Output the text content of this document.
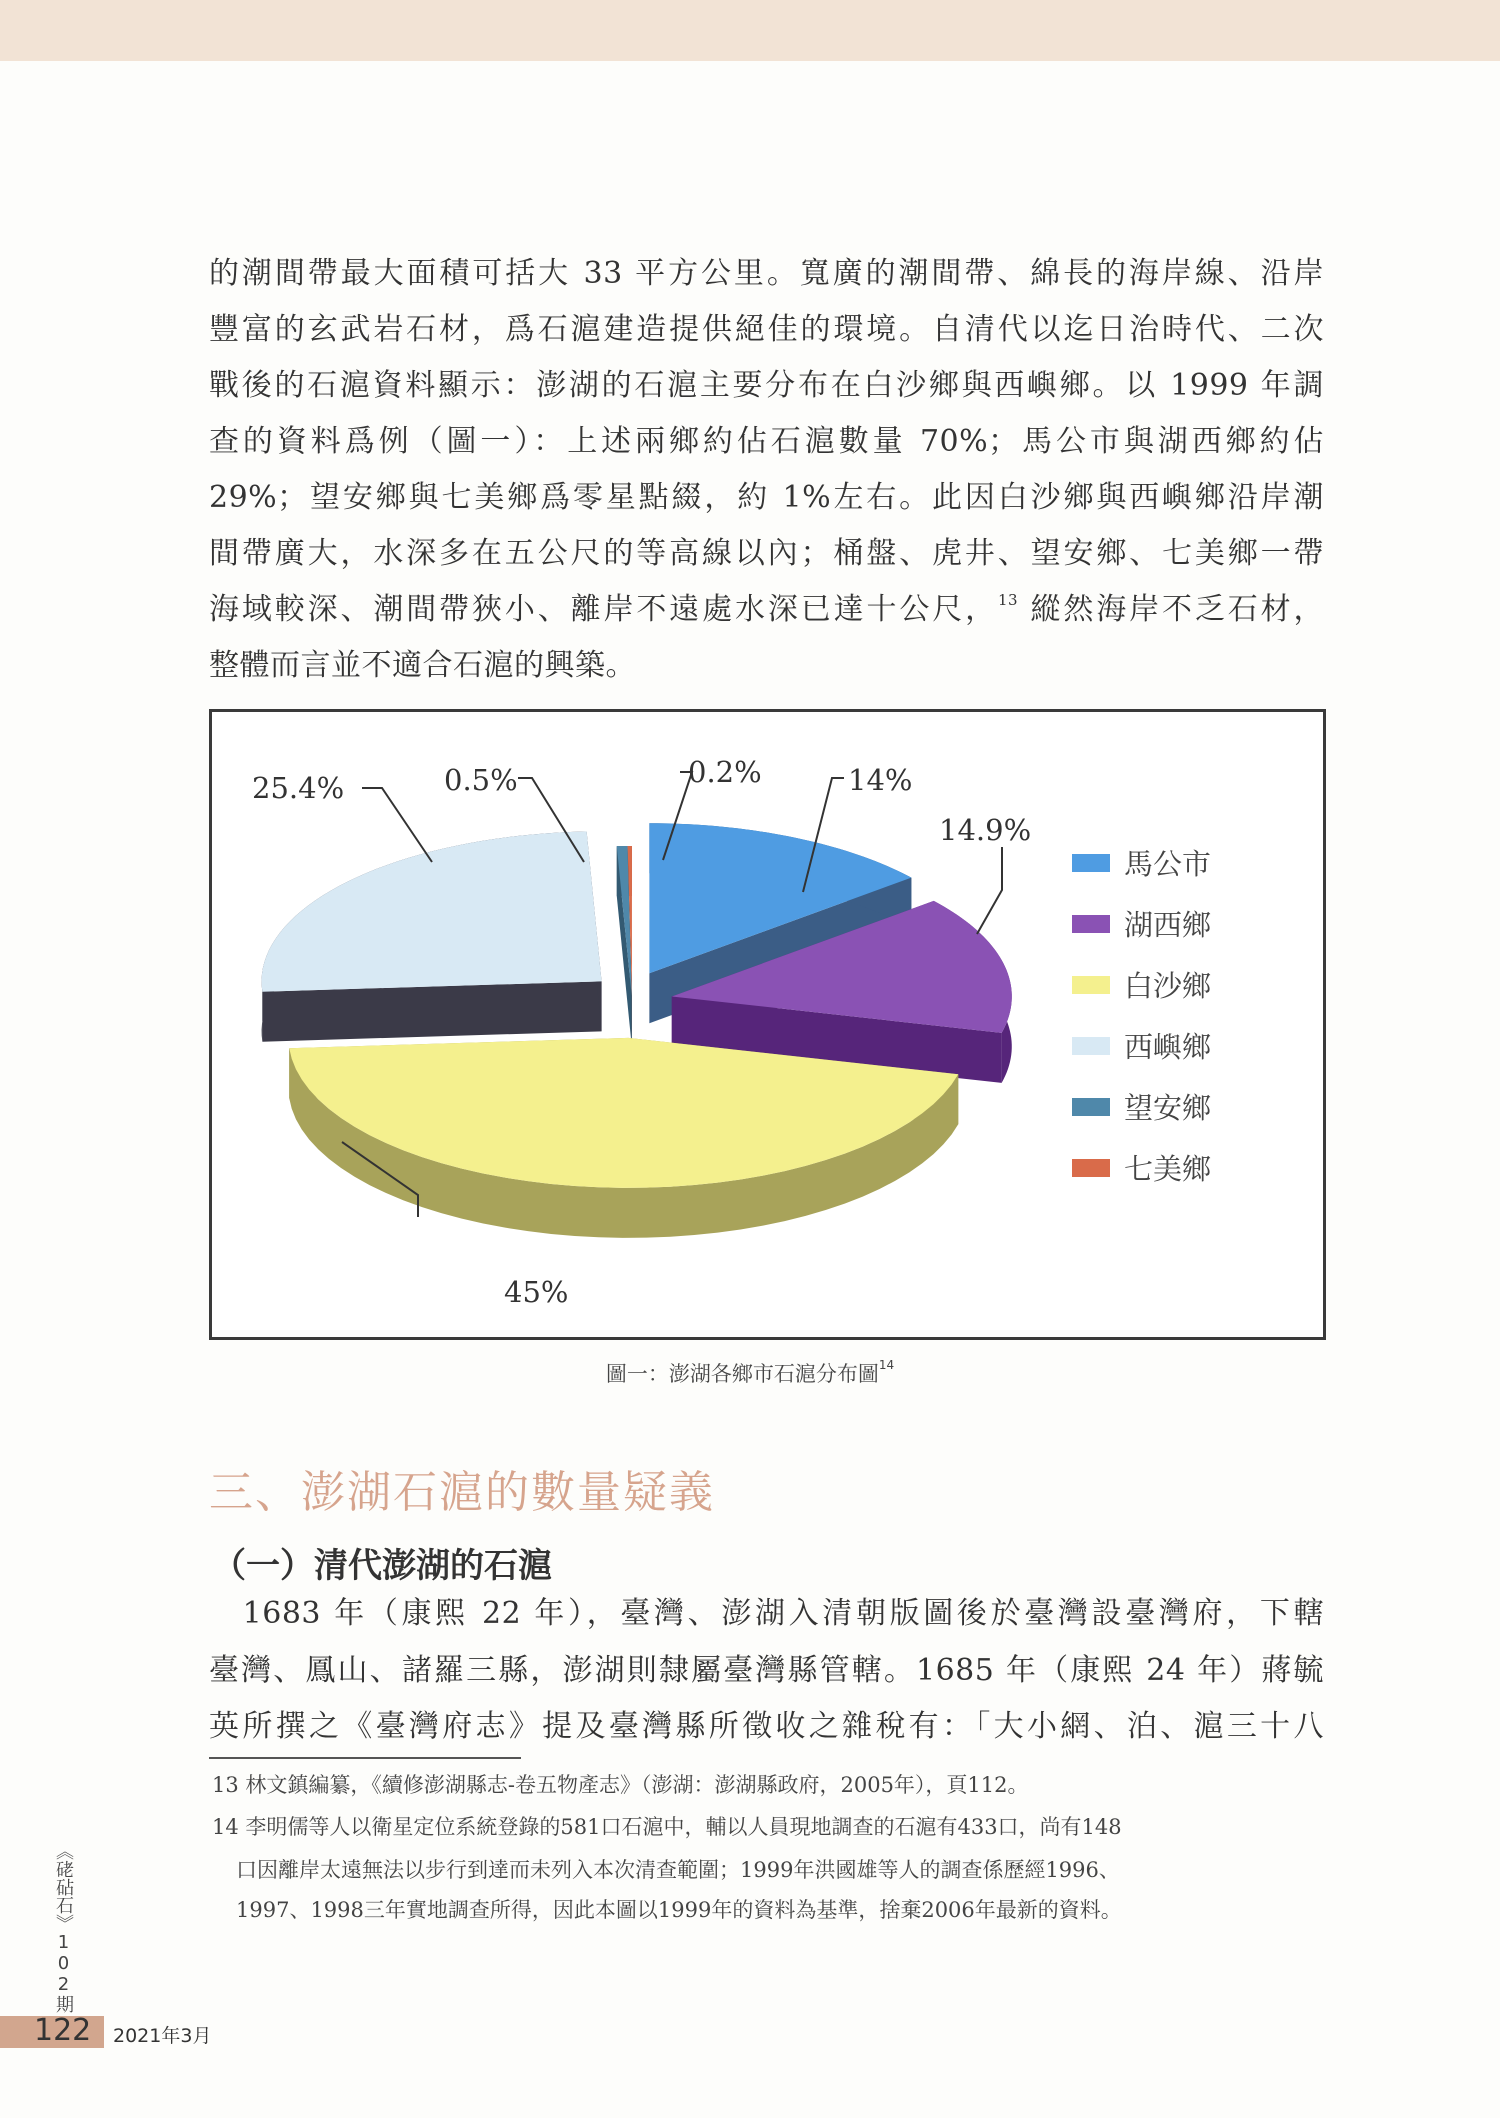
的潮間帶最大面積可括大 33 平方公里。寬廣的潮間帶、綿長的海岸線、沿岸
豐富的玄武岩石材，爲石滬建造提供絕佳的環境。自清代以迄日治時代、二次
戰後的石滬資料顯示：澎湖的石滬主要分布在白沙鄉與西嶼鄉。以 1999 年調
查的資料爲例（圖一）：上述兩鄉約佔石滬數量 70%；馬公市與湖西鄉約佔
29%；望安鄉與七美鄉爲零星點綴，約 1%左右。此因白沙鄉與西嶼鄉沿岸潮
間帶廣大，水深多在五公尺的等高線以內；桶盤、虎井、望安鄉、七美鄉一帶
海域較深、潮間帶狹小、離岸不遠處水深已達十公尺，$^{13}$ 縱然海岸不乏石材，
整體而言並不適合石滬的興築。
25.4%	0.5%	0.2%	14%
14.9%
45%
馬公市
湖西鄉
白沙鄉
西嶼鄉
望安鄉
七美鄉
圖一：澎湖各鄉市石滬分布圖$^{14}$
三、澎湖石滬的數量疑義
（一）清代澎湖的石滬
　1683 年（康熙 22 年），臺灣、澎湖入清朝版圖後於臺灣設臺灣府，下轄
臺灣、鳳山、諸羅三縣，澎湖則隸屬臺灣縣管轄。1685 年（康熙 24 年）蔣毓
英所撰之《臺灣府志》提及臺灣縣所徵收之雜稅有：「大小網、泊、滬三十八
13 林文鎮編纂，《續修澎湖縣志-卷五物產志》（澎湖：澎湖縣政府，2005年），頁112。
14 李明儒等人以衛星定位系統登錄的581口石滬中，輔以人員現地調查的石滬有433口，尚有148
口因離岸太遠無法以步行到達而未列入本次清查範圍；1999年洪國雄等人的調查係歷經1996、
1997、1998三年實地調查所得，因此本圖以1999年的資料為基準，捨棄2006年最新的資料。
《硓砧石》102期
122 2021年3月
